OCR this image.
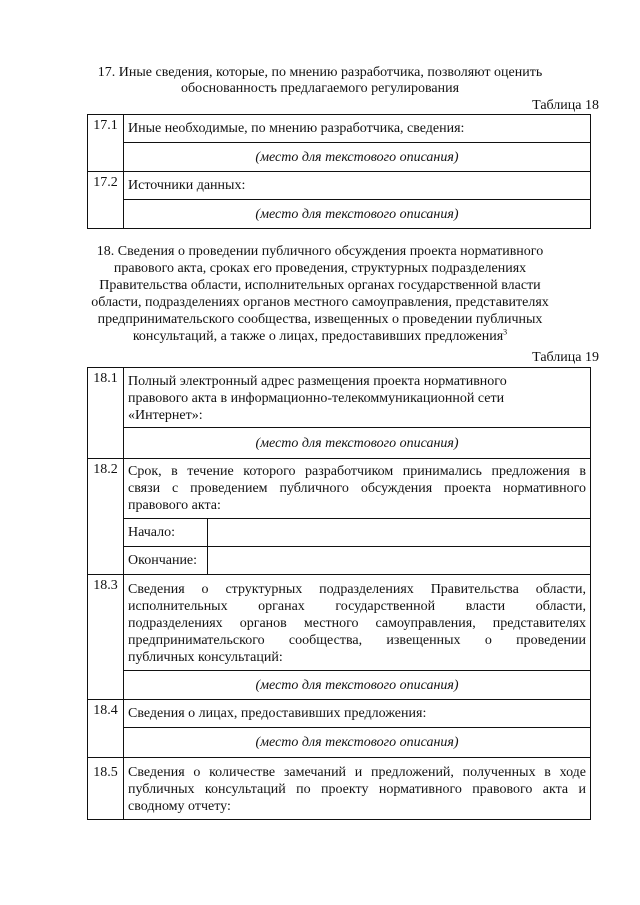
17. Иные сведения, которые, по мнению разработчика, позволяют оценить
обоснованность предлагаемого регулирования
Таблица 18
17.1	Иные необходимые, по мнению разработчика, сведения:
	(место для текстового описания)
17.2	Источники данных:
	(место для текстового описания)
18. Сведения о проведении публичного обсуждения проекта нормативного
правового акта, сроках его проведения, структурных подразделениях
Правительства области, исполнительных органах государственной власти
области, подразделениях органов местного самоуправления, представителях
предпринимательского сообщества, извещенных о проведении публичных
консультаций, а также о лицах, предоставивших предложения$^3$
Таблица 19
18.1	Полный электронный адрес размещения проекта нормативного
правового акта в информационно-телекоммуникационной сети
«Интернет»:	

	(место для текстового описания)	
18.2	Срок, в течение которого разработчиком принимались предложения в
связи с проведением публичного обсуждения проекта нормативного
правового акта:	

	Начало:	
	Окончание:	
18.3	Сведения о структурных подразделениях Правительства области,
исполнительных органах государственной власти области,
подразделениях органов местного самоуправления, представителях
предпринимательского сообщества, извещенных о проведении
публичных консультаций:	

	(место для текстового описания)	
18.4	Сведения о лицах, предоставивших предложения:	
	(место для текстового описания)	
18.5	Сведения о количестве замечаний и предложений, полученных в ходе
публичных консультаций по проекту нормативного правового акта и
сводному отчету:	
